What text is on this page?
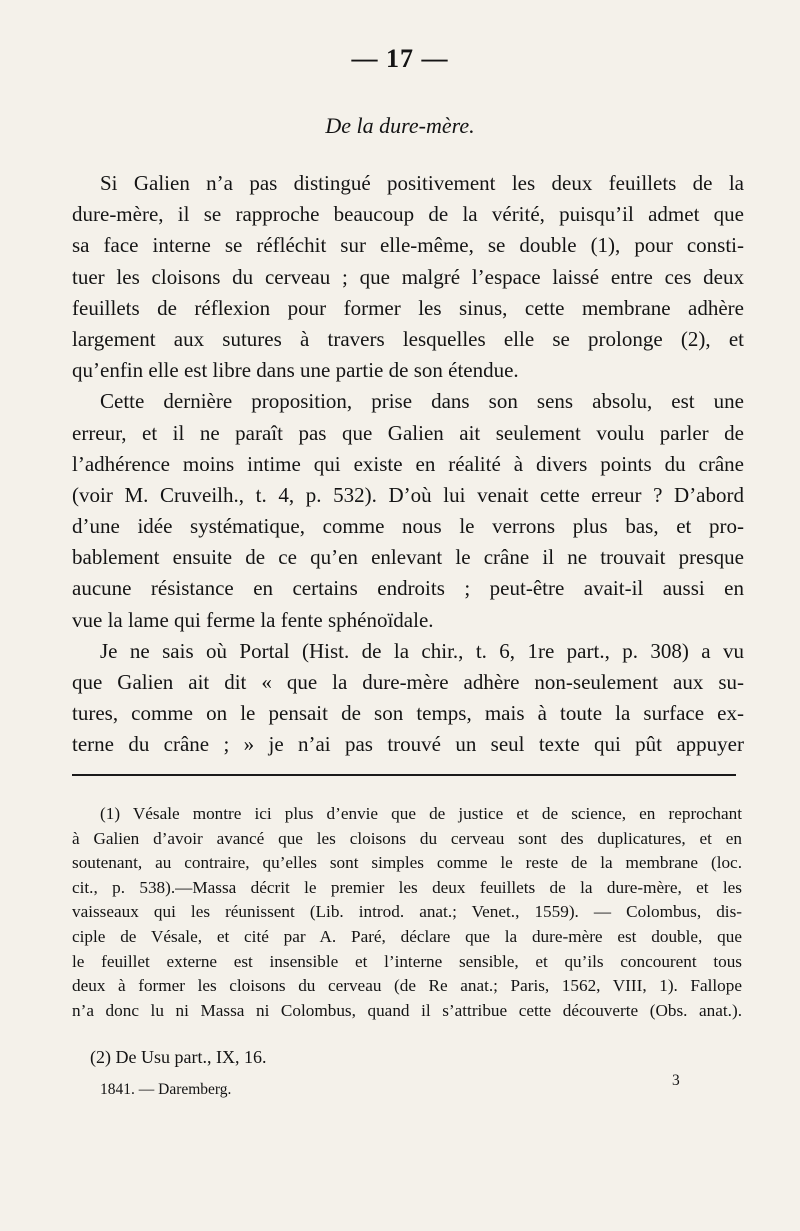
— 17 —
De la dure-mère.
Si Galien n’a pas distingué positivement les deux feuillets de la
dure-mère, il se rapproche beaucoup de la vérité, puisqu’il admet que
sa face interne se réfléchit sur elle-même, se double (1), pour consti-
tuer les cloisons du cerveau ; que malgré l’espace laissé entre ces deux
feuillets de réflexion pour former les sinus, cette membrane adhère
largement aux sutures à travers lesquelles elle se prolonge (2), et
qu’enfin elle est libre dans une partie de son étendue.
Cette dernière proposition, prise dans son sens absolu, est une
erreur, et il ne paraît pas que Galien ait seulement voulu parler de
l’adhérence moins intime qui existe en réalité à divers points du crâne
(voir M. Cruveilh., t. 4, p. 532). D’où lui venait cette erreur ? D’abord
d’une idée systématique, comme nous le verrons plus bas, et pro-
bablement ensuite de ce qu’en enlevant le crâne il ne trouvait presque
aucune résistance en certains endroits ; peut-être avait-il aussi en
vue la lame qui ferme la fente sphénoïdale.
Je ne sais où Portal (Hist. de la chir., t. 6, 1re part., p. 308) a vu
que Galien ait dit « que la dure-mère adhère non-seulement aux su-
tures, comme on le pensait de son temps, mais à toute la surface ex-
terne du crâne ; » je n’ai pas trouvé un seul texte qui pût appuyer
(1) Vésale montre ici plus d’envie que de justice et de science, en reprochant
à Galien d’avoir avancé que les cloisons du cerveau sont des duplicatures, et en
soutenant, au contraire, qu’elles sont simples comme le reste de la membrane (loc.
cit., p. 538).—Massa décrit le premier les deux feuillets de la dure-mère, et les
vaisseaux qui les réunissent (Lib. introd. anat.; Venet., 1559). — Colombus, dis-
ciple de Vésale, et cité par A. Paré, déclare que la dure-mère est double, que
le feuillet externe est insensible et l’interne sensible, et qu’ils concourent tous
deux à former les cloisons du cerveau (de Re anat.; Paris, 1562, VIII, 1). Fallope
n’a donc lu ni Massa ni Colombus, quand il s’attribue cette découverte (Obs. anat.).
(2) De Usu part., IX, 16.
1841. — Daremberg.
3
